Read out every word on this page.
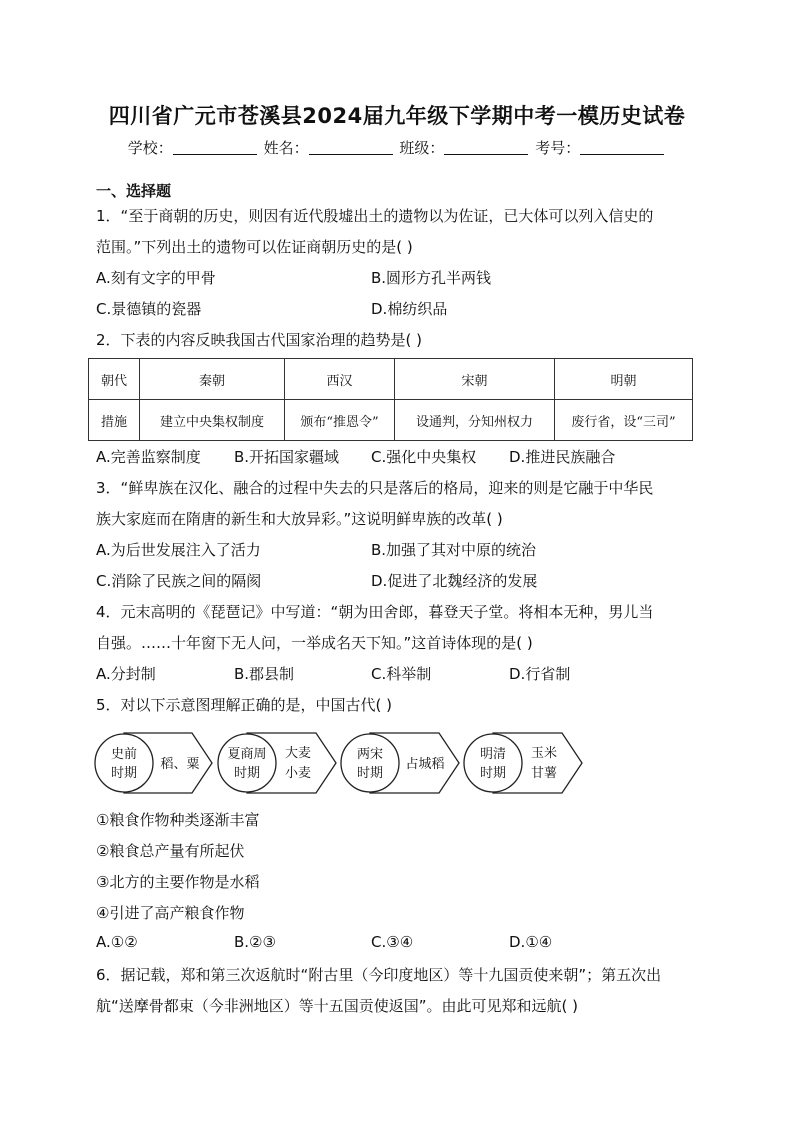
四川省广元市苍溪县2024届九年级下学期中考一模历史试卷
学校：	姓名：	班级：	考号：
一、选择题
1．“至于商朝的历史，则因有近代殷墟出土的遗物以为佐证，已大体可以列入信史的
范围。”下列出土的遗物可以佐证商朝历史的是( )
A.刻有文字的甲骨	B.圆形方孔半两钱
C.景德镇的瓷器	D.棉纺织品
2．下表的内容反映我国古代国家治理的趋势是( )
朝代	秦朝	西汉	宋朝	明朝
措施	建立中央集权制度	颁布“推恩令”	设通判，分知州权力	废行省，设“三司”
A.完善监察制度 B.开拓国家疆域 C.强化中央集权 D.推进民族融合
3．“鲜卑族在汉化、融合的过程中失去的只是落后的格局，迎来的则是它融于中华民
族大家庭而在隋唐的新生和大放异彩。”这说明鲜卑族的改革( )
A.为后世发展注入了活力	B.加强了其对中原的统治
C.消除了民族之间的隔阂	D.促进了北魏经济的发展
4．元末高明的《琵琶记》中写道：“朝为田舍郎，暮登天子堂。将相本无种，男儿当
自强。……十年窗下无人问，一举成名天下知。”这首诗体现的是( )
A.分封制	B.郡县制	C.科举制	D.行省制
5．对以下示意图理解正确的是，中国古代( )
史前
时期
稻、粟
夏商周
时期
大麦
小麦
两宋
时期
占城稻
明清
时期
玉米
甘薯
①粮食作物种类逐渐丰富
②粮食总产量有所起伏
③北方的主要作物是水稻
④引进了高产粮食作物
A.①②	B.②③	C.③④	D.①④
6．据记载，郑和第三次返航时“附古里（今印度地区）等十九国贡使来朝”；第五次出
航“送摩骨都束（今非洲地区）等十五国贡使返国”。由此可见郑和远航( )
